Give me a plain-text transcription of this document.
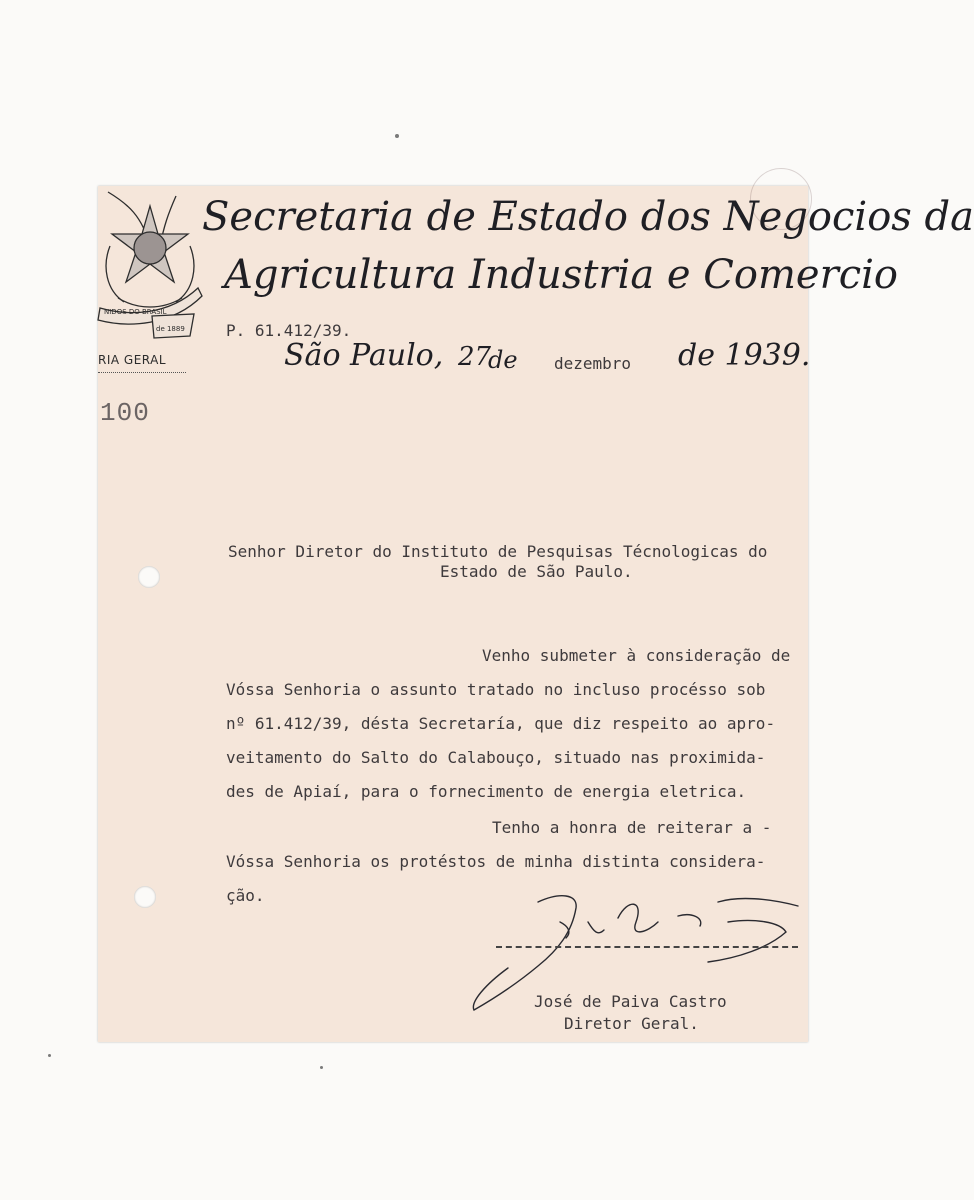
NIDOS DO BRASIL
de 1889
RIA GERAL
100
Secretaria de Estado dos Negocios da
Agricultura Industria e Comercio
P. 61.412/39.
São Paulo, 27
de dezembro de 1939.
Senhor Diretor do Instituto de Pesquisas Técnologicas do
Estado de São Paulo.
Venho submeter à consideração de
Vóssa Senhoria o assunto tratado no incluso procésso sob
nº 61.412/39, désta Secretaría, que diz respeito ao apro-
veitamento do Salto do Calabouço, situado nas proximida-
des de Apiaí, para o fornecimento de energia eletrica.
Tenho a honra de reiterar a -
Vóssa Senhoria os protéstos de minha distinta considera-
ção.
José de Paiva Castro
Diretor Geral.
